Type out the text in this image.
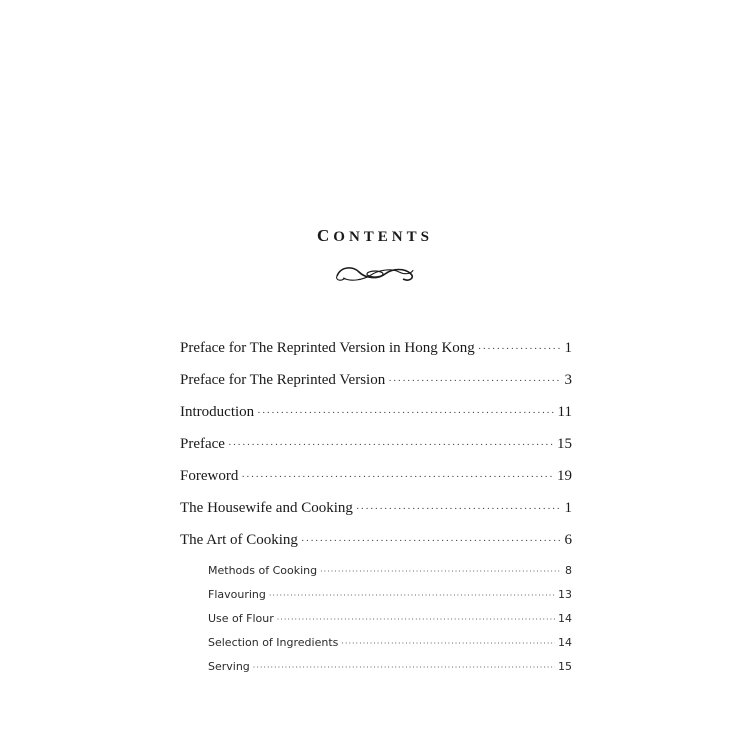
CONTENTS
Preface for The Reprinted Version in Hong Kong ·····	1
Preface for The Reprinted Version ·····	3
Introduction ·····	11
Preface ·····	15
Foreword ·····	19
The Housewife and Cooking ·····	1
The Art of Cooking ·····	6
Methods of Cooking ·····	8
Flavouring ·····	13
Use of Flour ·····	14
Selection of Ingredients ·····	14
Serving ·····	15
